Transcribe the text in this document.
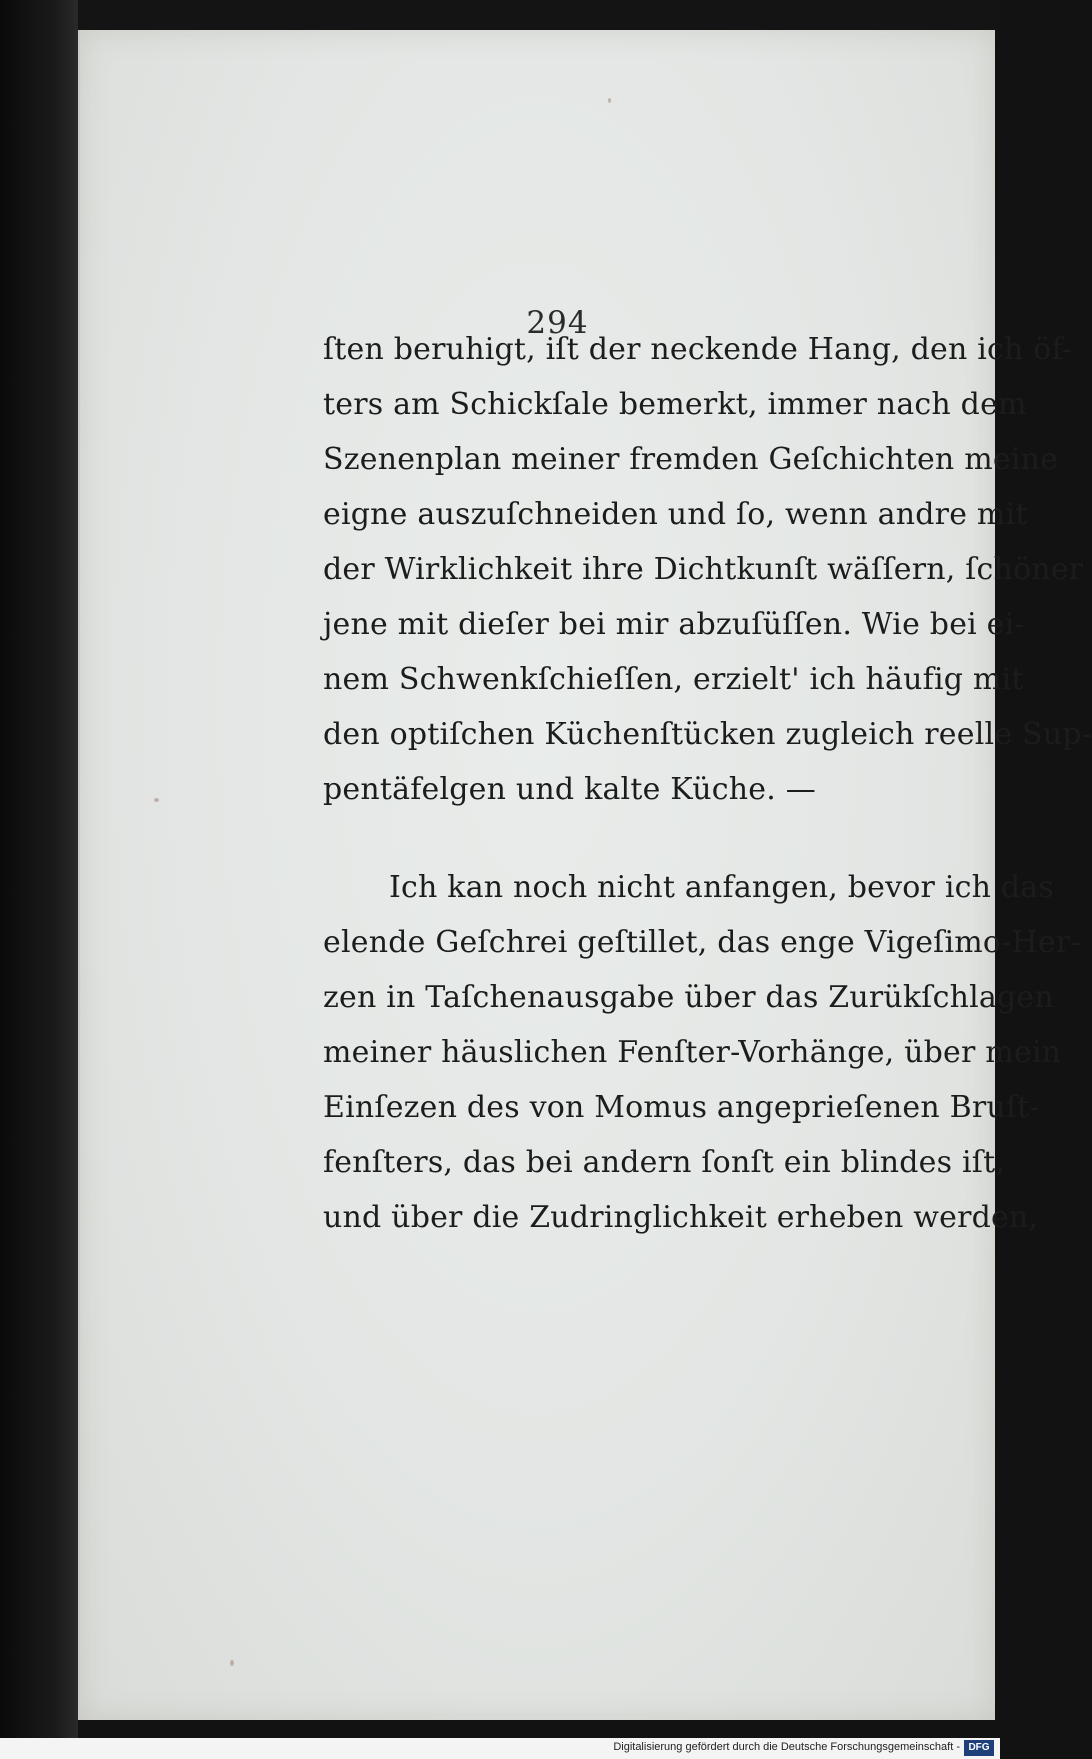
294
ſten beruhigt, iſt der neckende Hang, den ich öf-
ters am Schickſale bemerkt, immer nach dem
Szenenplan meiner fremden Geſchichten meine
eigne auszuſchneiden und ſo, wenn andre mit
der Wirklichkeit ihre Dichtkunſt wäſſern, ſchöner
jene mit dieſer bei mir abzuſüſſen. Wie bei ei-
nem Schwenkſchieſſen, erzielt' ich häufig mit
den optiſchen Küchenſtücken zugleich reelle Sup-
pentäfelgen und kalte Küche. —
Ich kan noch nicht anfangen, bevor ich das
elende Geſchrei geſtillet, das enge Vigeſimo-Her-
zen in Taſchenausgabe über das Zurükſchlagen
meiner häuslichen Fenſter-Vorhänge, über mein
Einſezen des von Momus angeprieſenen Bruſt-
fenſters, das bei andern ſonſt ein blindes iſt,
und über die Zudringlichkeit erheben werden,
Digitalisierung gefördert durch die Deutsche Forschungsgemeinschaft - DFG
